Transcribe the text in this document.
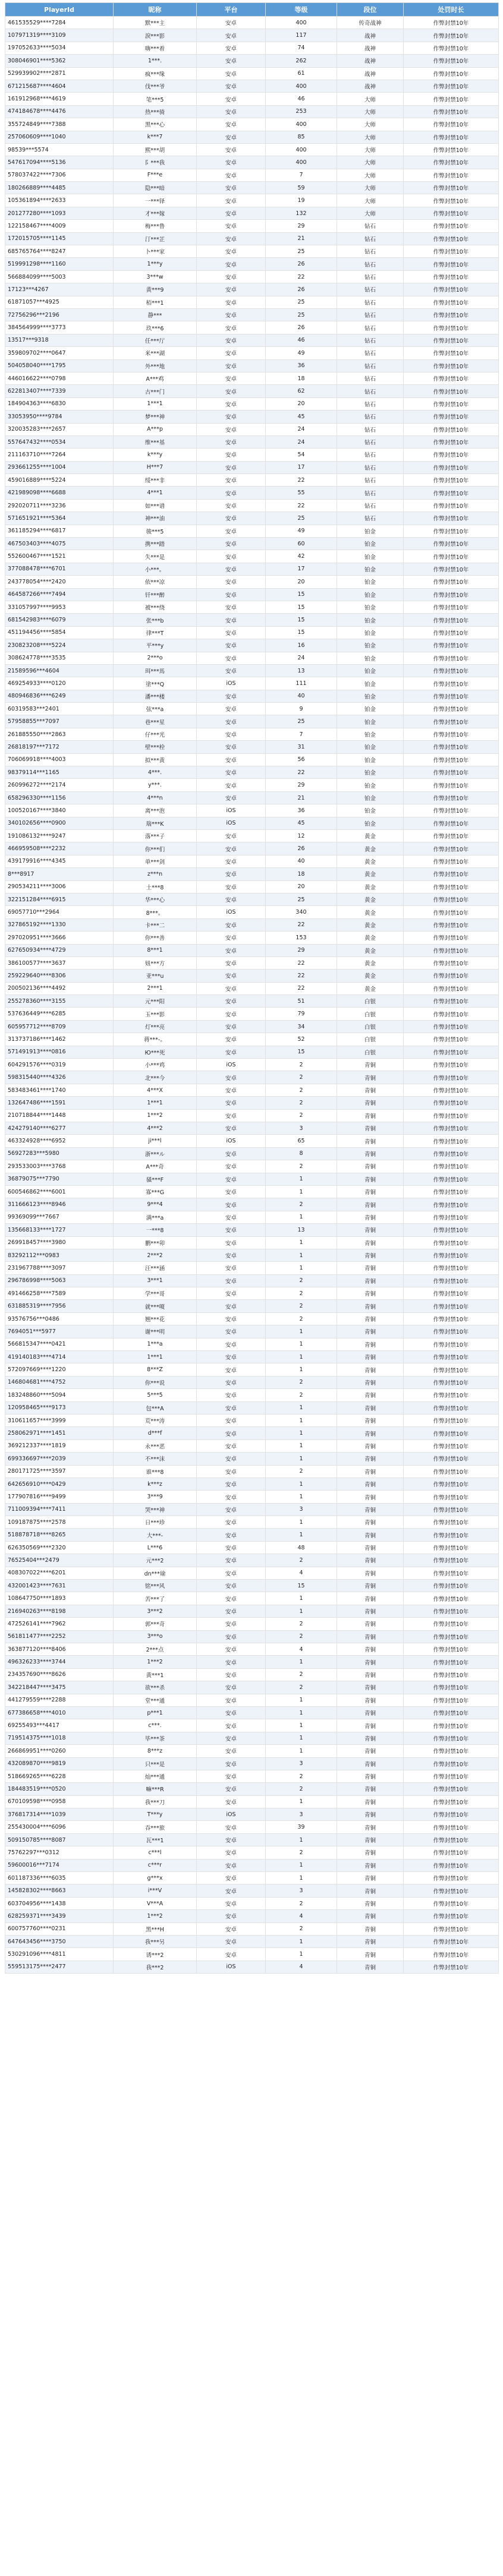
PlayerId	昵称	平台	等级	段位	处罚时长
461535529****7284	默***主	安卓	400	传奇战神	作弊封禁10年
107971319****3109	淚***影	安卓	117	战神	作弊封禁10年
197052633****5034	嗨***着	安卓	74	战神	作弊封禁10年
308046901****5362	1***.	安卓	262	战神	作弊封禁10年
529939902****2871	疯***缘	安卓	61	战神	作弊封禁10年
671215687****4604	伐***爷	安卓	400	战神	作弊封禁10年
161912968****4619	笔***5	安卓	46	大师	作弊封禁10年
474184678****4476	热***骑	安卓	253	大师	作弊封禁10年
355724849****7388	黑***心	安卓	400	大师	作弊封禁10年
257060609****1040	k***7	安卓	85	大师	作弊封禁10年
98539***5574	熙***胡	安卓	400	大师	作弊封禁10年
547617094****5136	阝***我	安卓	400	大师	作弊封禁10年
578037422****7306	F***e	安卓	7	大师	作弊封禁10年
180266889****4485	隐***暗	安卓	59	大师	作弊封禁10年
105361894****2633	一***铎	安卓	19	大师	作弊封禁10年
201277280****1093	才***嫁	安卓	132	大师	作弊封禁10年
122158467****4009	梅***鲁	安卓	29	钻石	作弊封禁10年
172015705****1145	汀***芷	安卓	21	钻石	作弊封禁10年
685765764****8247	卜***家	安卓	25	钻石	作弊封禁10年
519991298****1160	1***y	安卓	26	钻石	作弊封禁10年
566884099****5003	3***w	安卓	22	钻石	作弊封禁10年
17123***4267	黄***9	安卓	26	钻石	作弊封禁10年
61871057***4925	栢***1	安卓	25	钻石	作弊封禁10年
72756296***2196	静***	安卓	25	钻石	作弊封禁10年
384564999****3773	玖***6	安卓	26	钻石	作弊封禁10年
13517***9318	任***厅	安卓	46	钻石	作弊封禁10年
359809702****0647	米***湖	安卓	49	钻石	作弊封禁10年
504058040****1795	外***地	安卓	36	钻石	作弊封禁10年
446016622****0798	A***鸡	安卓	18	钻石	作弊封禁10年
622813407****7339	古***门	安卓	62	钻石	作弊封禁10年
184904363****6830	1***1	安卓	20	钻石	作弊封禁10年
33053950****9784	梦***神	安卓	45	钻石	作弊封禁10年
320035283****2657	A***p	安卓	24	钻石	作弊封禁10年
557647432****0534	维***基	安卓	24	钻石	作弊封禁10年
211163710****7264	k***y	安卓	54	钻石	作弊封禁10年
293661255****1004	H***7	安卓	17	钻石	作弊封禁10年
459016889****5224	绥***非	安卓	22	钻石	作弊封禁10年
421989098****6688	4***1	安卓	55	钻石	作弊封禁10年
292020711****3236	如***谱	安卓	22	钻石	作弊封禁10年
571651921****5364	神***油	安卓	25	钻石	作弊封禁10年
361185294****6817	骏***5	安卓	49	铂金	作弊封禁10年
467503403****4075	携***踏	安卓	60	铂金	作弊封禁10年
552600467****1521	失***是	安卓	42	铂金	作弊封禁10年
377088478****6701	小***。	安卓	17	铂金	作弊封禁10年
243778054****2420	依***凉	安卓	20	铂金	作弊封禁10年
464587266****7494	钎***醉	安卓	15	铂金	作弊封禁10年
331057997****9953	被***绕	安卓	15	铂金	作弊封禁10年
681542983****6079	张***b	安卓	15	铂金	作弊封禁10年
451194456****5854	律***T	安卓	15	铂金	作弊封禁10年
230823208****5224	平***y	安卓	16	铂金	作弊封禁10年
308624778****3535	2***o	安卓	24	铂金	作弊封禁10年
21589596***4604	珥***馬	安卓	13	铂金	作弊封禁10年
469254933****0120	塗***Q	iOS	111	铂金	作弊封禁10年
480946836****6249	潘***楼	安卓	40	铂金	作弊封禁10年
60319583***2401	弦***a	安卓	9	铂金	作弊封禁10年
57958855***7097	巷***星	安卓	25	铂金	作弊封禁10年
261885550****2863	仔***光	安卓	7	铂金	作弊封禁10年
26818197***7172	壁***栓	安卓	31	铂金	作弊封禁10年
706069918****4003	拟***黄	安卓	56	铂金	作弊封禁10年
98379114***1165	4***.	安卓	22	铂金	作弊封禁10年
260996272****2174	y***.	安卓	29	铂金	作弊封禁10年
658296330****1156	4***n	安卓	21	铂金	作弊封禁10年
100520167****3840	离***泡	iOS	36	铂金	作弊封禁10年
340102656****0900	瑞***K	iOS	45	铂金	作弊封禁10年
191086132****9247	落***子	安卓	12	黄金	作弊封禁10年
466959508****2232	你***们	安卓	26	黄金	作弊封禁10年
439179916****4345	单***剑	安卓	40	黄金	作弊封禁10年
8***8917	z***n	安卓	18	黄金	作弊封禁10年
290534211****3006	土***8	安卓	20	黄金	作弊封禁10年
322151284****6915	华***心	安卓	25	黄金	作弊封禁10年
69057710***2964	8***。	iOS	340	黄金	作弊封禁10年
327865192****1330	卡***二	安卓	22	黄金	作弊封禁10年
297020951****3666	你***善	安卓	153	黄金	作弊封禁10年
627650934****4729	8***1	安卓	29	黄金	作弊封禁10年
386100577****3637	妞***方	安卓	22	黄金	作弊封禁10年
259229640****8306	亚***u	安卓	22	黄金	作弊封禁10年
200502136****4492	2***1	安卓	22	黄金	作弊封禁10年
255278360****3155	元***阳	安卓	51	白银	作弊封禁10年
537636449****6285	玉***影	安卓	79	白银	作弊封禁10年
605957712****8709	灯***亮	安卓	34	白银	作弊封禁10年
313737186****1462	蒋***-。	安卓	52	白银	作弊封禁10年
571491913****0816	Ю***死	安卓	15	白银	作弊封禁10年
604291576****0319	小***鸡	iOS	2	青铜	作弊封禁10年
598315440****4326	北***今	安卓	2	青铜	作弊封禁10年
583483461****1740	4***X	安卓	2	青铜	作弊封禁10年
132647486****1591	1***1	安卓	2	青铜	作弊封禁10年
210718844****1448	1***2	安卓	2	青铜	作弊封禁10年
424279140****6277	4***2	安卓	3	青铜	作弊封禁10年
463324928****6952	ji***l	iOS	65	青铜	作弊封禁10年
56927283***5980	浙***ル	安卓	8	青铜	作弊封禁10年
293533003****3768	A***奇	安卓	2	青铜	作弊封禁10年
36879075***7790	骚***F	安卓	1	青铜	作弊封禁10年
600546862****6001	寡***G	安卓	1	青铜	作弊封禁10年
311666123****8946	9***4	安卓	2	青铜	作弊封禁10年
99369099***7667	满***a	安卓	1	青铜	作弊封禁10年
135668133****1727	一***8	安卓	13	青铜	作弊封禁10年
269918457****3980	鹏***卯	安卓	1	青铜	作弊封禁10年
83292112***0983	2***2	安卓	1	青铜	作弊封禁10年
231967788****3097	汪***涵	安卓	1	青铜	作弊封禁10年
296786998****5063	3***1	安卓	2	青铜	作弊封禁10年
491466258****7589	学***哥	安卓	2	青铜	作弊封禁10年
631885319****7956	就***嗄	安卓	2	青铜	作弊封禁10年
93576756***0486	翘***花	安卓	2	青铜	作弊封禁10年
7694051***5977	谢***明	安卓	1	青铜	作弊封禁10年
566815347****0421	1***a	安卓	1	青铜	作弊封禁10年
419140183****4714	1***1	安卓	1	青铜	作弊封禁10年
572097669****1220	8***Z	安卓	1	青铜	作弊封禁10年
146804681****4752	你***说	安卓	2	青铜	作弊封禁10年
183248860****5094	5***5	安卓	2	青铜	作弊封禁10年
120958465****9173	包***A	安卓	1	青铜	作弊封禁10年
310611657****3999	荒***涛	安卓	1	青铜	作弊封禁10年
258062971****1451	d***f	安卓	1	青铜	作弊封禁10年
369212337****1819	永***恶	安卓	1	青铜	作弊封禁10年
699336697****2039	不***沫	安卓	1	青铜	作弊封禁10年
280171725****3597	谁***8	安卓	2	青铜	作弊封禁10年
642656910****0429	k***z	安卓	1	青铜	作弊封禁10年
177907816****9499	3***9	安卓	1	青铜	作弊封禁10年
711009394****7411	哭***神	安卓	3	青铜	作弊封禁10年
109187875****2578	日***珍	安卓	1	青铜	作弊封禁10年
518878718****8265	大***-	安卓	1	青铜	作弊封禁10年
626350569****2320	L***6	安卓	48	青铜	作弊封禁10年
76525404***2479	元***2	安卓	2	青铜	作弊封禁10年
408307022****6201	dn***瑜	安卓	4	青铜	作弊封禁10年
432001423****7631	铭***风	安卓	15	青铜	作弊封禁10年
108647750****1893	苦***了	安卓	1	青铜	作弊封禁10年
216940263****8198	3***2	安卓	1	青铜	作弊封禁10年
472526141****7962	郭***奇	安卓	2	青铜	作弊封禁10年
561811477****2252	3***o	安卓	2	青铜	作弊封禁10年
363877120****8406	2***点	安卓	4	青铜	作弊封禁10年
496326233****3744	1***2	安卓	1	青铜	作弊封禁10年
234357690****8626	黄***1	安卓	2	青铜	作弊封禁10年
342218447****3475	欲***杀	安卓	2	青铜	作弊封禁10年
441279559****2288	堂***通	安卓	1	青铜	作弊封禁10年
677386658****4010	p***1	安卓	1	青铜	作弊封禁10年
69255493***4417	c***.	安卓	1	青铜	作弊封禁10年
719514375****1018	毕***茶	安卓	1	青铜	作弊封禁10年
266869951****0260	8***z	安卓	1	青铜	作弊封禁10年
432089870****9819	只***是	安卓	3	青铜	作弊封禁10年
518669265****6228	灿***通	安卓	2	青铜	作弊封禁10年
184483519****0520	嘛***R	安卓	2	青铜	作弊封禁10年
670109598****0958	我***刀	安卓	1	青铜	作弊封禁10年
376817314****1039	T***y	iOS	3	青铜	作弊封禁10年
255430004****6096	吞***旅	安卓	39	青铜	作弊封禁10年
509150785****8087	瓦***1	安卓	1	青铜	作弊封禁10年
75762297***0312	c***l	安卓	2	青铜	作弊封禁10年
59600016***7174	c***r	安卓	1	青铜	作弊封禁10年
601187336****6035	g***x	安卓	1	青铜	作弊封禁10年
145828302****8663	i***V	安卓	3	青铜	作弊封禁10年
603704956****1438	V***A	安卓	2	青铜	作弊封禁10年
628259371****3439	1***2	安卓	4	青铜	作弊封禁10年
600757760****0231	黑***H	安卓	2	青铜	作弊封禁10年
647643456****3750	我***另	安卓	1	青铜	作弊封禁10年
530291096****4811	诱***2	安卓	1	青铜	作弊封禁10年
559513175****2477	我***2	iOS	4	青铜	作弊封禁10年
